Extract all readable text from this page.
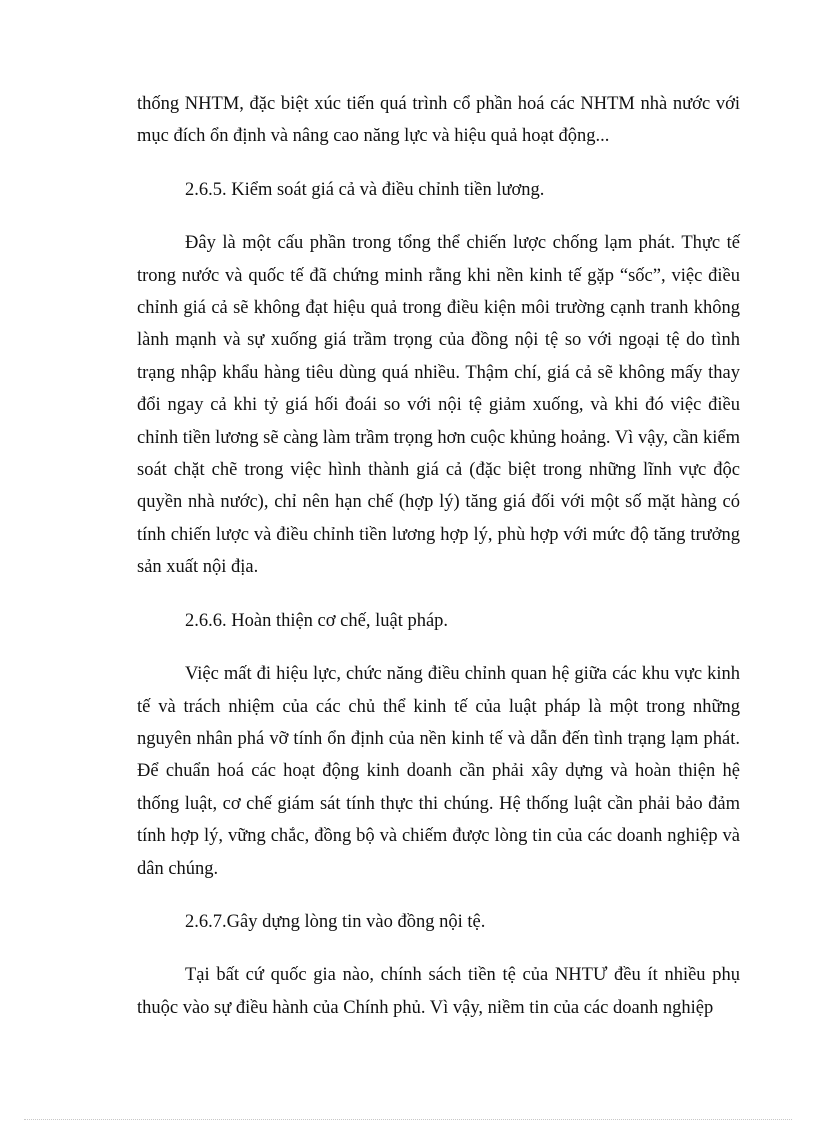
thống NHTM, đặc biệt xúc tiến quá trình cổ phần hoá các NHTM nhà nước với mục đích ổn định và nâng cao năng lực và hiệu quả hoạt động...

2.6.5. Kiểm soát giá cả và điều chỉnh tiền lương.

Đây là một cấu phần trong tổng thể chiến lược chống lạm phát. Thực tế trong nước và quốc tế đã chứng minh rằng khi nền kinh tế gặp “sốc”, việc điều chỉnh giá cả sẽ không đạt hiệu quả trong điều kiện môi trường cạnh tranh không lành mạnh và sự xuống giá trầm trọng của đồng nội tệ so với ngoại tệ do tình trạng nhập khẩu hàng tiêu dùng quá nhiều. Thậm chí, giá cả sẽ không mấy thay đổi ngay cả khi tỷ giá hối đoái so với nội tệ giảm xuống, và khi đó việc điều chỉnh tiền lương sẽ càng làm trầm trọng hơn cuộc khủng hoảng. Vì vậy, cần kiểm soát chặt chẽ trong việc hình thành giá cả (đặc biệt trong những lĩnh vực độc quyền nhà nước), chỉ nên hạn chế (hợp lý) tăng giá đối với một số mặt hàng có tính chiến lược và điều chỉnh tiền lương hợp lý, phù hợp với mức độ tăng trưởng sản xuất nội địa.

2.6.6. Hoàn thiện cơ chế, luật pháp.

Việc mất đi hiệu lực, chức năng điều chỉnh quan hệ giữa các khu vực kinh tế và trách nhiệm của các chủ thể kinh tế của luật pháp là một trong những nguyên nhân phá vỡ tính ổn định của nền kinh tế và dẫn đến tình trạng lạm phát. Để chuẩn hoá các hoạt động kinh doanh cần phải xây dựng và hoàn thiện hệ thống luật, cơ chế giám sát tính thực thi chúng. Hệ thống luật cần phải bảo đảm tính hợp lý, vững chắc, đồng bộ và chiếm được lòng tin của các doanh nghiệp và dân chúng.

2.6.7.Gây dựng lòng tin vào đồng nội tệ.

Tại bất cứ quốc gia nào, chính sách tiền tệ của NHTƯ đều ít nhiều phụ thuộc vào sự điều hành của Chính phủ. Vì vậy, niềm tin của các doanh nghiệp
